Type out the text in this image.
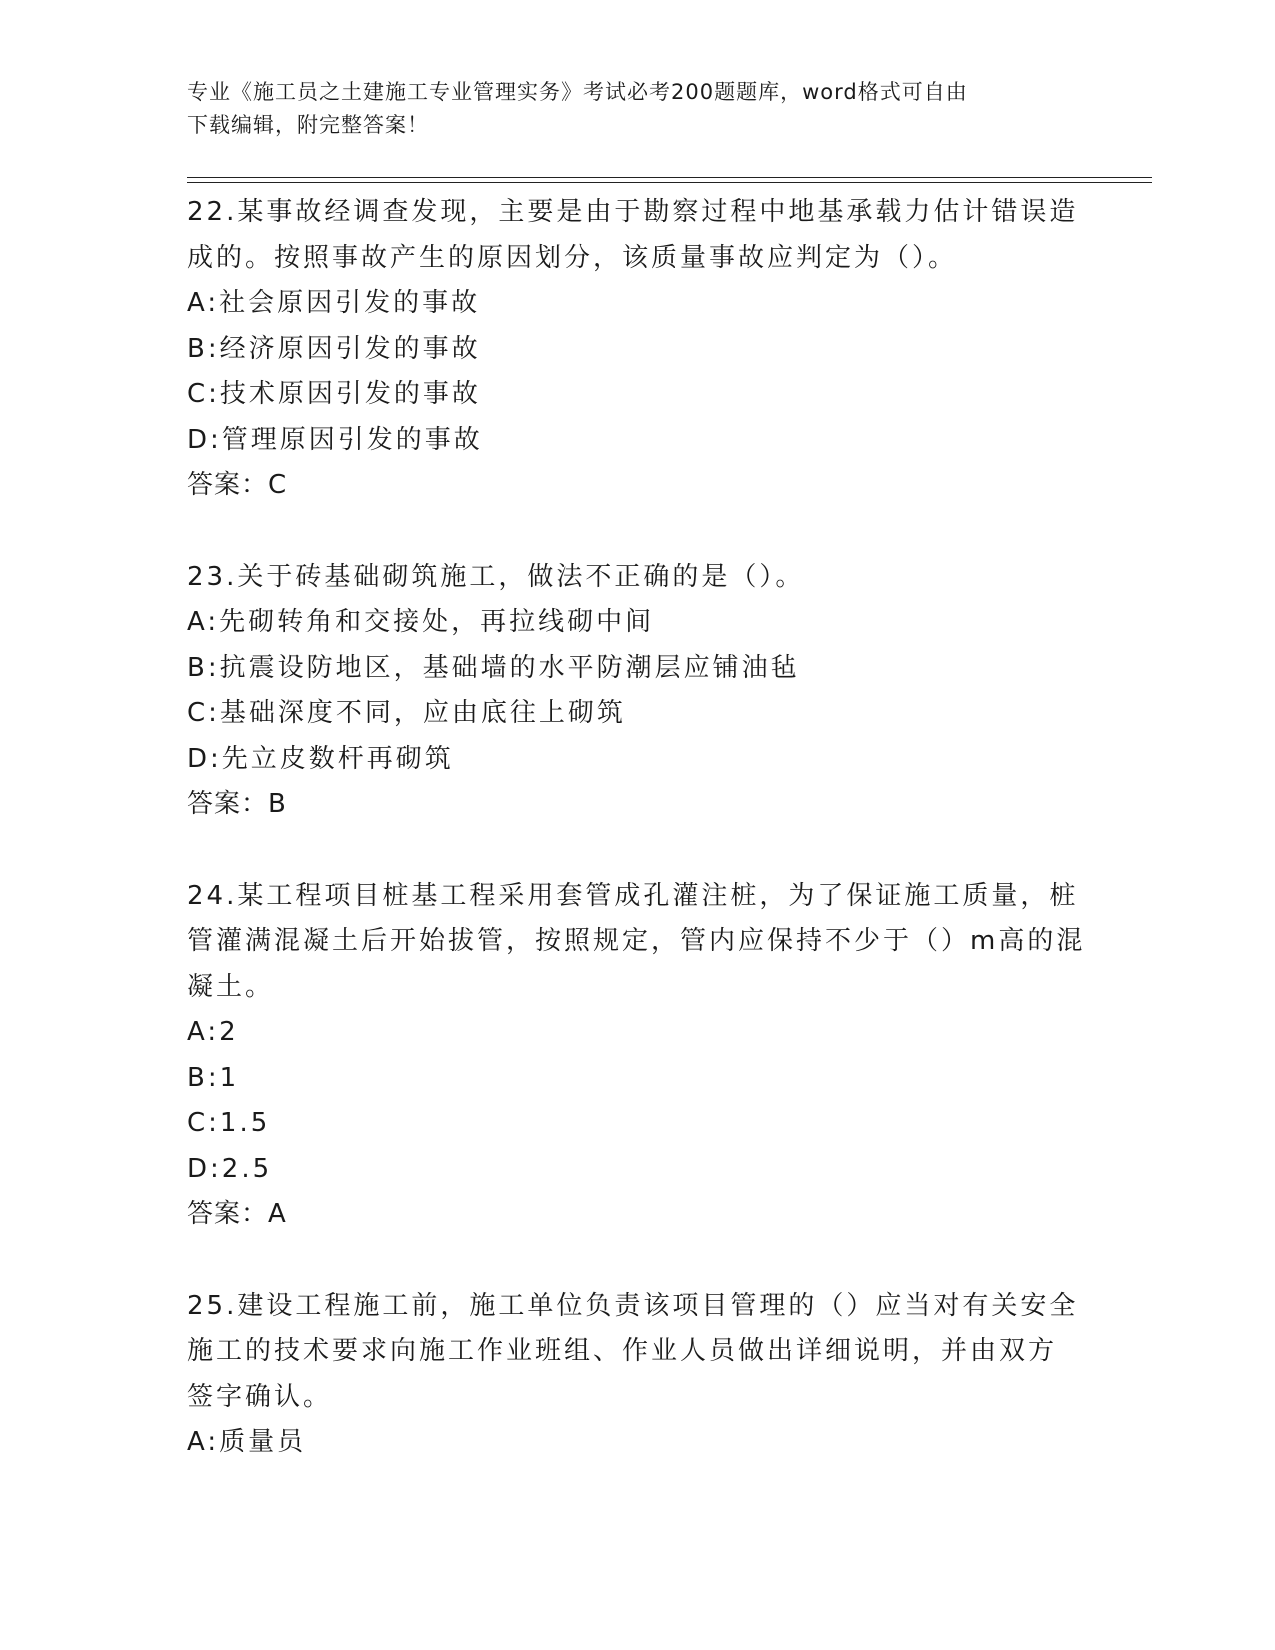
专业《施工员之土建施工专业管理实务》考试必考200题题库，word格式可自由
下载编辑，附完整答案！
22.某事故经调查发现，主要是由于勘察过程中地基承载力估计错误造
成的。按照事故产生的原因划分，该质量事故应判定为（）。
A:社会原因引发的事故
B:经济原因引发的事故
C:技术原因引发的事故
D:管理原因引发的事故
答案：C
23.关于砖基础砌筑施工，做法不正确的是（）。
A:先砌转角和交接处，再拉线砌中间
B:抗震设防地区，基础墙的水平防潮层应铺油毡
C:基础深度不同，应由底往上砌筑
D:先立皮数杆再砌筑
答案：B
24.某工程项目桩基工程采用套管成孔灌注桩，为了保证施工质量，桩
管灌满混凝土后开始拔管，按照规定，管内应保持不少于（）m高的混
凝土。
A:2
B:1
C:1.5
D:2.5
答案：A
25.建设工程施工前，施工单位负责该项目管理的（）应当对有关安全
施工的技术要求向施工作业班组、作业人员做出详细说明，并由双方
签字确认。
A:质量员
